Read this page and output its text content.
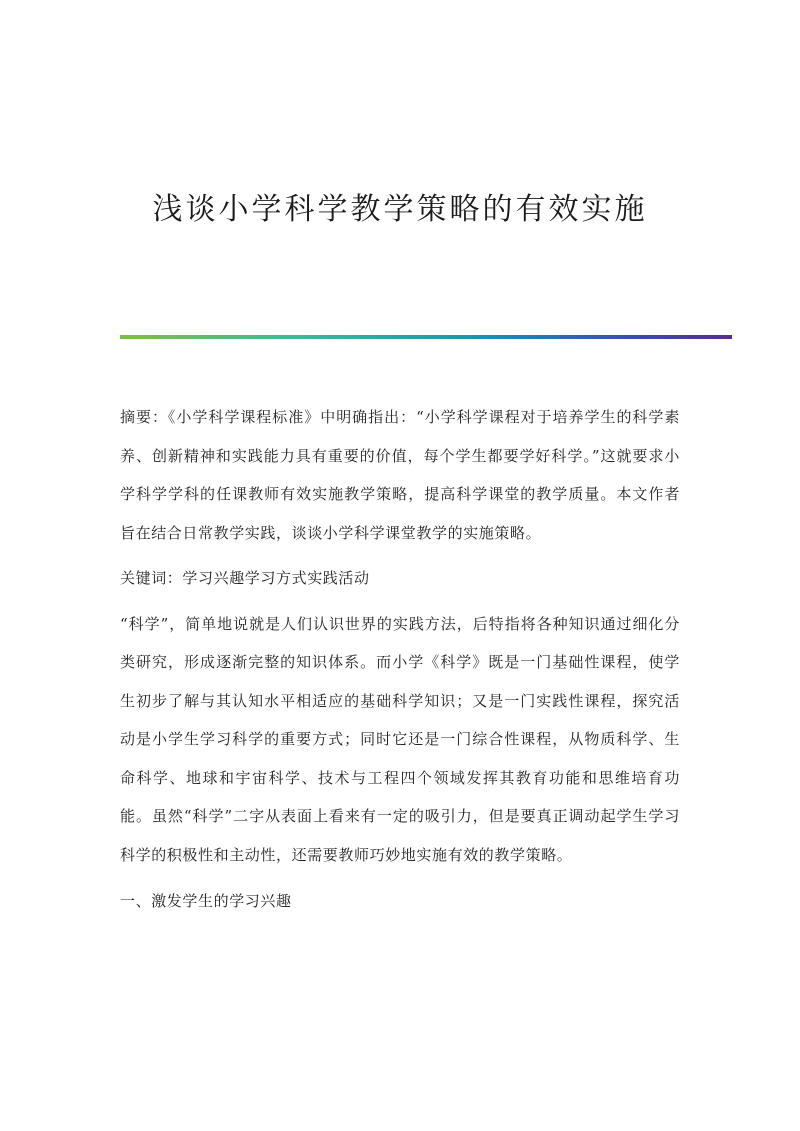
浅谈小学科学教学策略的有效实施

摘要：《小学科学课程标准》中明确指出：“小学科学课程对于培养学生的科学素养、创新精神和实践能力具有重要的价值，每个学生都要学好科学。”这就要求小学科学学科的任课教师有效实施教学策略，提高科学课堂的教学质量。本文作者旨在结合日常教学实践，谈谈小学科学课堂教学的实施策略。

关键词：学习兴趣学习方式实践活动

“科学”，简单地说就是人们认识世界的实践方法，后特指将各种知识通过细化分类研究，形成逐渐完整的知识体系。而小学《科学》既是一门基础性课程，使学生初步了解与其认知水平相适应的基础科学知识；又是一门实践性课程，探究活动是小学生学习科学的重要方式；同时它还是一门综合性课程，从物质科学、生命科学、地球和宇宙科学、技术与工程四个领域发挥其教育功能和思维培育功能。虽然“科学”二字从表面上看来有一定的吸引力，但是要真正调动起学生学习科学的积极性和主动性，还需要教师巧妙地实施有效的教学策略。

一、激发学生的学习兴趣
